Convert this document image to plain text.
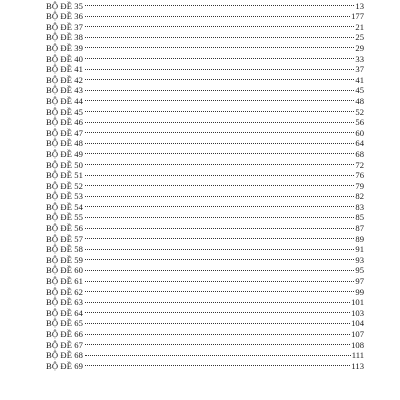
BỘ ĐỀ 35	13
BỘ ĐỀ 36	177
BỘ ĐỀ 37	21
BỘ ĐỀ 38	25
BỘ ĐỀ 39	29
BỘ ĐỀ 40	33
BỘ ĐỀ 41	37
BỘ ĐỀ 42	41
BỘ ĐỀ 43	45
BỘ ĐỀ 44	48
BỘ ĐỀ 45	52
BỘ ĐỀ 46	56
BỘ ĐỀ 47	60
BỘ ĐỀ 48	64
BỘ ĐỀ 49	68
BỘ ĐỀ 50	72
BỘ ĐỀ 51	76
BỘ ĐỀ 52	79
BỘ ĐỀ 53	82
BỘ ĐỀ 54	83
BỘ ĐỀ 55	85
BỘ ĐỀ 56	87
BỘ ĐỀ 57	89
BỘ ĐỀ 58	91
BỘ ĐỀ 59	93
BỘ ĐỀ 60	95
BỘ ĐỀ 61	97
BỘ ĐỀ 62	99
BỘ ĐỀ 63	101
BỘ ĐỀ 64	103
BỘ ĐỀ 65	104
BỘ ĐỀ 66	107
BỘ ĐỀ 67	108
BỘ ĐỀ 68	111
BỘ ĐỀ 69	113
